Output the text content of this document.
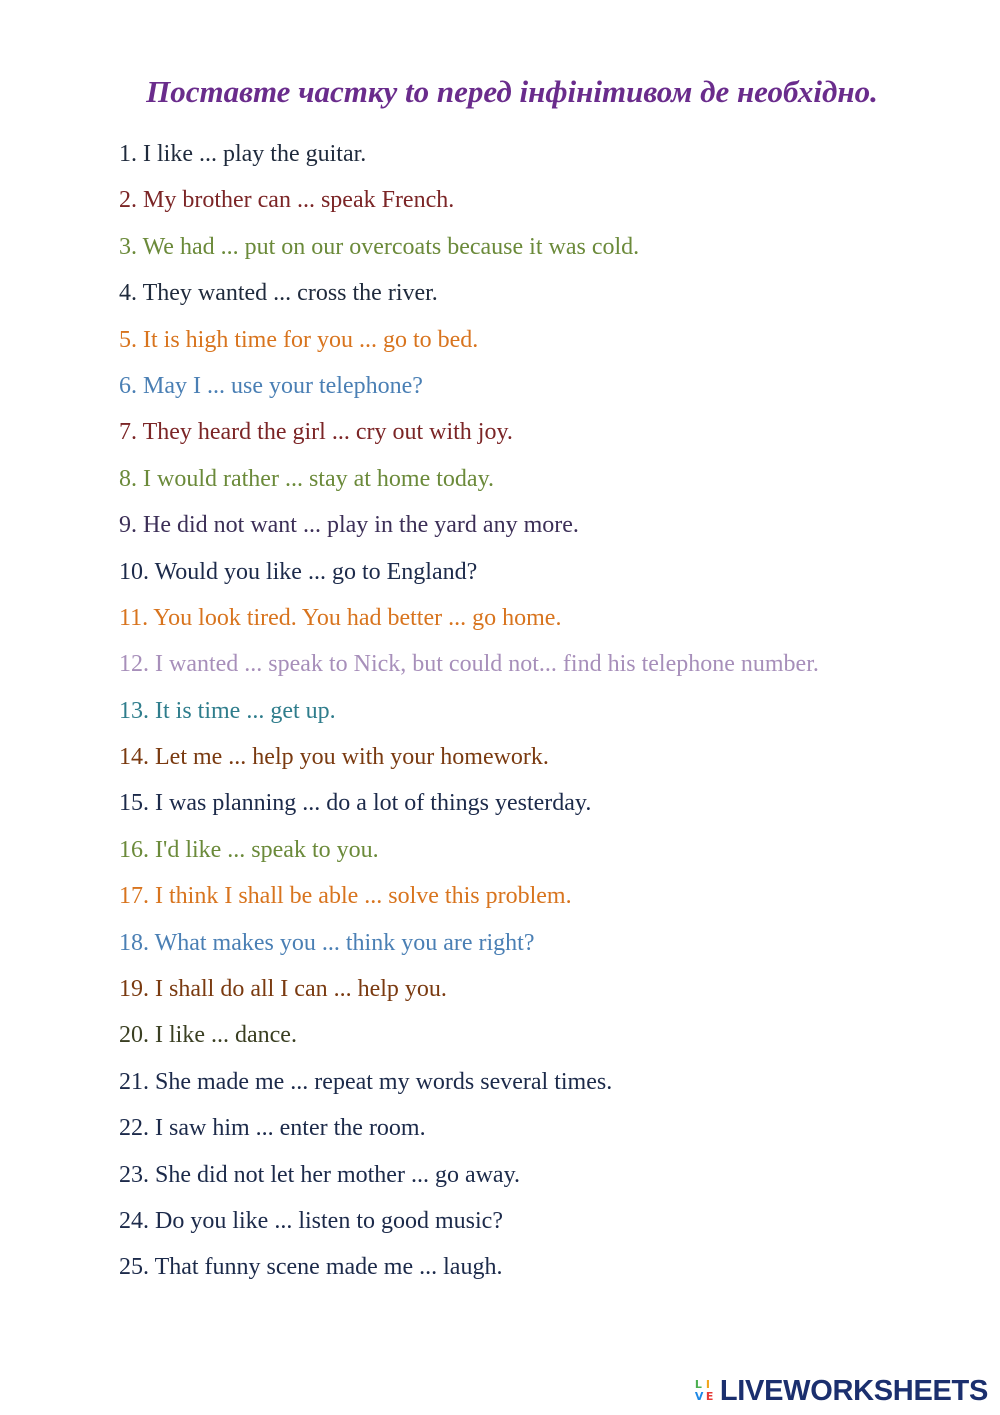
Поставте частку to перед інфінітивом де необхідно.
1. I like ... play the guitar.
2. My brother can ... speak French.
3. We had ... put on our overcoats because it was cold.
4. They wanted ... cross the river.
5. It is high time for you ... go to bed.
6. May I ... use your telephone?
7. They heard the girl ... cry out with joy.
8. I would rather ... stay at home today.
9. He did not want ... play in the yard any more.
10. Would you like ... go to England?
11. You look tired. You had better ... go home.
12. I wanted ... speak to Nick, but could not... find his telephone number.
13. It is time ... get up.
14. Let me ... help you with your homework.
15. I was planning ... do a lot of things yesterday.
16. I'd like ... speak to you.
17. I think I shall be able ... solve this problem.
18. What makes you ... think you are right?
19. I shall do all I can ... help you.
20. I like ... dance.
21. She made me ... repeat my words several times.
22. I saw him ... enter the room.
23. She did not let her mother ... go away.
24. Do you like ... listen to good music?
25. That funny scene made me ... laugh.
L I
V E LIVEWORKSHEETS
